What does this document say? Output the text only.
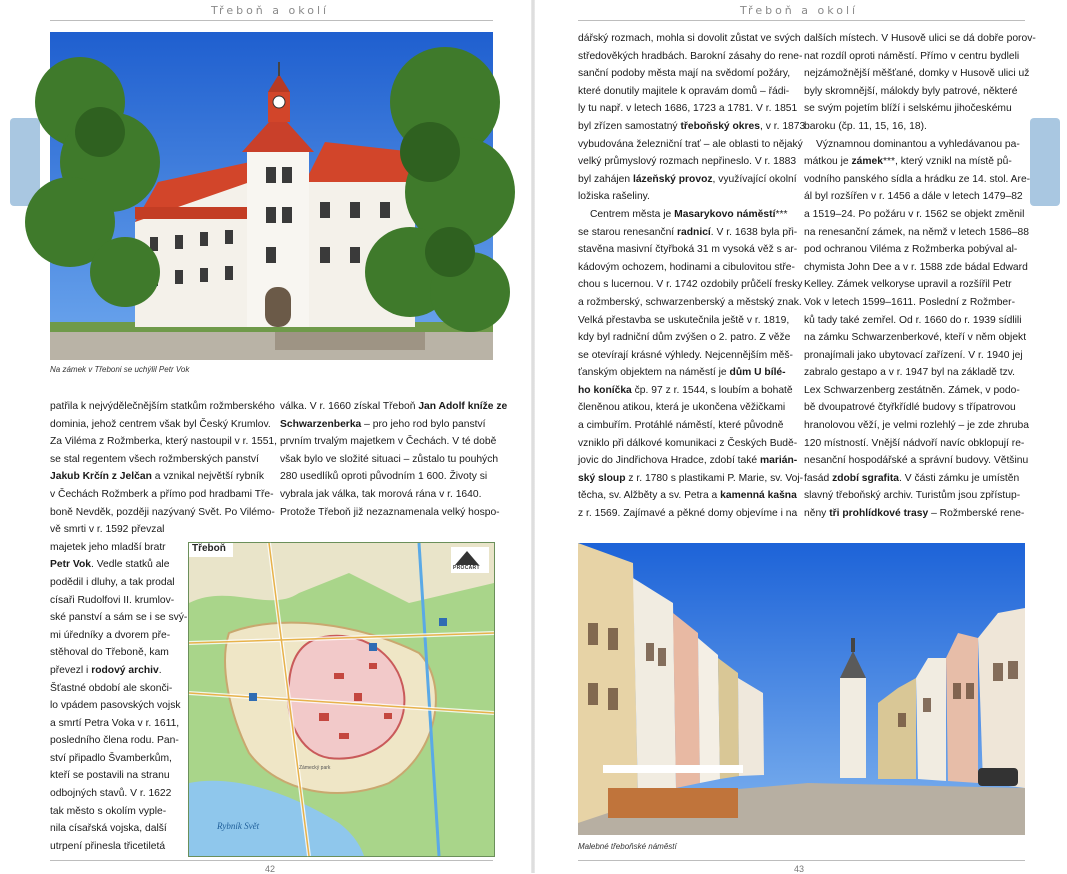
Třeboň a okolí
Na zámek v Třeboni se uchýlil Petr Vok
patřila k nejvýdělečnějším statkům rožmberského
dominia, jehož centrem však byl Český Krumlov.
Za Viléma z Rožmberka, který nastoupil v r. 1551,
se stal regentem všech rožmberských panství
Jakub Krčín z Jelčan a vznikal největší rybník
v Čechách Rožmberk a přímo pod hradbami Tře-
boně Nevděk, později nazývaný Svět. Po Vilémo-
vě smrti v r. 1592 převzal
majetek jeho mladší bratr
Petr Vok. Vedle statků ale
podědil i dluhy, a tak prodal
císaři Rudolfovi II. krumlov-
ské panství a sám se i se svý-
mi úředníky a dvorem pře-
stěhoval do Třeboně, kam
převezl i rodový archiv.
Šťastné období ale skonči-
lo vpádem pasovských vojsk
a smrtí Petra Voka v r. 1611,
posledního člena rodu. Pan-
ství připadlo Švamberkům,
kteří se postavili na stranu
odbojných stavů. V r. 1622
tak město s okolím vyple-
nila císařská vojska, další
utrpení přinesla třicetiletá
válka. V r. 1660 získal Třeboň Jan Adolf kníže ze
Schwarzenberka – pro jeho rod bylo panství
prvním trvalým majetkem v Čechách. V té době
však bylo ve složité situaci – zůstalo tu pouhých
280 usedlíků oproti původním 1 600. Životy si
vybrala jak válka, tak morová rána v r. 1640.
Protože Třeboň již nezaznamenala velký hospo-
Třeboň
PROCART
Rybník Svět
Zámecký park
42
Třeboň a okolí
dářský rozmach, mohla si dovolit zůstat ve svých
středověkých hradbách. Barokní zásahy do rene-
sanční podoby města mají na svědomí požáry,
které donutily majitele k opravám domů – řádi-
ly tu např. v letech 1686, 1723 a 1781. V r. 1851
byl zřízen samostatný třeboňský okres, v r. 1873
vybudována železniční trať – ale oblasti to nějaký
velký průmyslový rozmach nepřineslo. V r. 1883
byl zahájen lázeňský provoz, využívající okolní
ložiska rašeliny.
Centrem města je Masarykovo náměstí***
se starou renesanční radnicí. V r. 1638 byla při-
stavěna masivní čtyřboká 31 m vysoká věž s ar-
kádovým ochozem, hodinami a cibulovitou stře-
chou s lucernou. V r. 1742 ozdobily průčelí fresky
a rožmberský, schwarzenberský a městský znak.
Velká přestavba se uskutečnila ještě v r. 1819,
kdy byl radniční dům zvýšen o 2. patro. Z věže
se otevírají krásné výhledy. Nejcennějším měš-
ťanským objektem na náměstí je dům U bílé-
ho koníčka čp. 97 z r. 1544, s loubím a bohatě
členěnou atikou, která je ukončena věžičkami
a cimbuřím. Protáhlé náměstí, které původně
vzniklo při dálkové komunikaci z Českých Budě-
jovic do Jindřichova Hradce, zdobí také marián-
ský sloup z r. 1780 s plastikami P. Marie, sv. Voj-
těcha, sv. Alžběty a sv. Petra a kamenná kašna
z r. 1569. Zajímavé a pěkné domy objevíme i na
dalších místech. V Husově ulici se dá dobře porov-
nat rozdíl oproti náměstí. Přímo v centru bydleli
nejzámožnější měšťané, domky v Husově ulici už
byly skromnější, málokdy byly patrové, některé
se svým pojetím blíží i selskému jihočeskému
baroku (čp. 11, 15, 16, 18).
Významnou dominantou a vyhledávanou pa-
mátkou je zámek***, který vznikl na místě pů-
vodního panského sídla a hrádku ze 14. stol. Are-
ál byl rozšířen v r. 1456 a dále v letech 1479–82
a 1519–24. Po požáru v r. 1562 se objekt změnil
na renesanční zámek, na němž v letech 1586–88
pod ochranou Viléma z Rožmberka pobýval al-
chymista John Dee a v r. 1588 zde bádal Edward
Kelley. Zámek velkoryse upravil a rozšířil Petr
Vok v letech 1599–1611. Poslední z Rožmber-
ků tady také zemřel. Od r. 1660 do r. 1939 sídlili
na zámku Schwarzenberkové, kteří v něm objekt
pronajímali jako ubytovací zařízení. V r. 1940 jej
zabralo gestapo a v r. 1947 byl na základě tzv.
Lex Schwarzenberg zestátněn. Zámek, v podo-
bě dvoupatrové čtyřkřídlé budovy s třípatrovou
hranolovou věží, je velmi rozlehlý – je zde zhruba
120 místností. Vnější nádvoří navíc obklopují re-
nesanční hospodářské a správní budovy. Většinu
fasád zdobí sgrafita. V části zámku je umístěn
slavný třeboňský archiv. Turistům jsou zpřístup-
něny tři prohlídkové trasy – Rožmberské rene-
Malebné třeboňské náměstí
43
